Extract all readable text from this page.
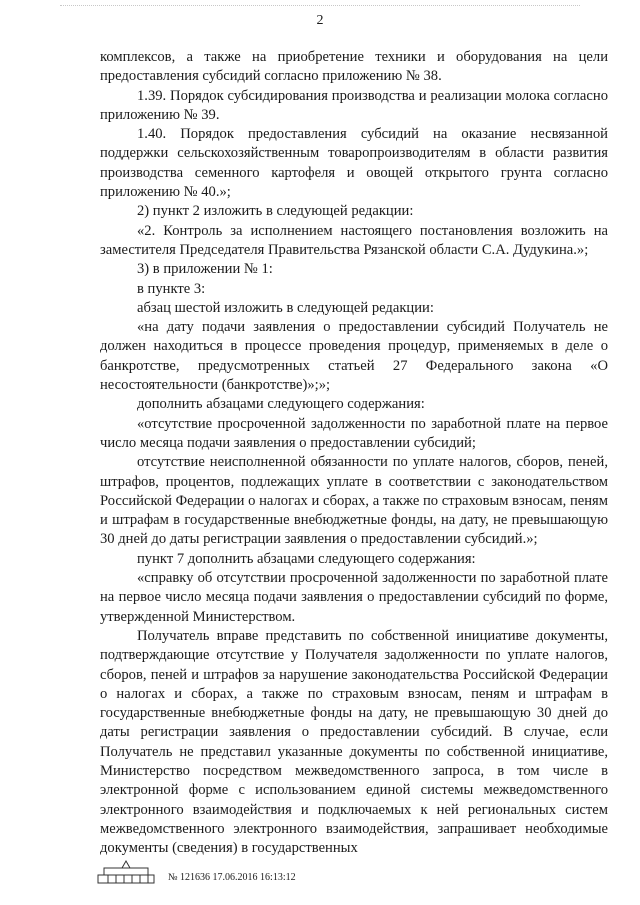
2

комплексов, а также на приобретение техники и оборудования на цели предоставления субсидий согласно приложению № 38.

1.39. Порядок субсидирования производства и реализации молока согласно приложению № 39.

1.40. Порядок предоставления субсидий на оказание несвязанной поддержки сельскохозяйственным товаропроизводителям в области развития производства семенного картофеля и овощей открытого грунта согласно приложению № 40.»;

2) пункт 2 изложить в следующей редакции:

«2. Контроль за исполнением настоящего постановления возложить на заместителя Председателя Правительства Рязанской области С.А. Дудукина.»;

3) в приложении № 1:

в пункте 3:

абзац шестой изложить в следующей редакции:

«на дату подачи заявления о предоставлении субсидий Получатель не должен находиться в процессе проведения процедур, применяемых в деле о банкротстве, предусмотренных статьей 27 Федерального закона «О несостоятельности (банкротстве)»;»;

дополнить абзацами следующего содержания:

«отсутствие просроченной задолженности по заработной плате на первое число месяца подачи заявления о предоставлении субсидий;

отсутствие неисполненной обязанности по уплате налогов, сборов, пеней, штрафов, процентов, подлежащих уплате в соответствии с законодательством Российской Федерации о налогах и сборах, а также по страховым взносам, пеням и штрафам в государственные внебюджетные фонды, на дату, не превышающую 30 дней до даты регистрации заявления о предоставлении субсидий.»;

пункт 7 дополнить абзацами следующего содержания:

«справку об отсутствии просроченной задолженности по заработной плате на первое число месяца подачи заявления о предоставлении субсидий по форме, утвержденной Министерством.

Получатель вправе представить по собственной инициативе документы, подтверждающие отсутствие у Получателя задолженности по уплате налогов, сборов, пеней и штрафов за нарушение законодательства Российской Федерации о налогах и сборах, а также по страховым взносам, пеням и штрафам в государственные внебюджетные фонды на дату, не превышающую 30 дней до даты регистрации заявления о предоставлении субсидий. В случае, если Получатель не представил указанные документы по собственной инициативе, Министерство посредством межведомственного запроса, в том числе в электронной форме с использованием единой системы межведомственного электронного взаимодействия и подключаемых к ней региональных систем межведомственного электронного взаимодействия, запрашивает необходимые документы (сведения) в государственных

№ 121636 17.06.2016 16:13:12
